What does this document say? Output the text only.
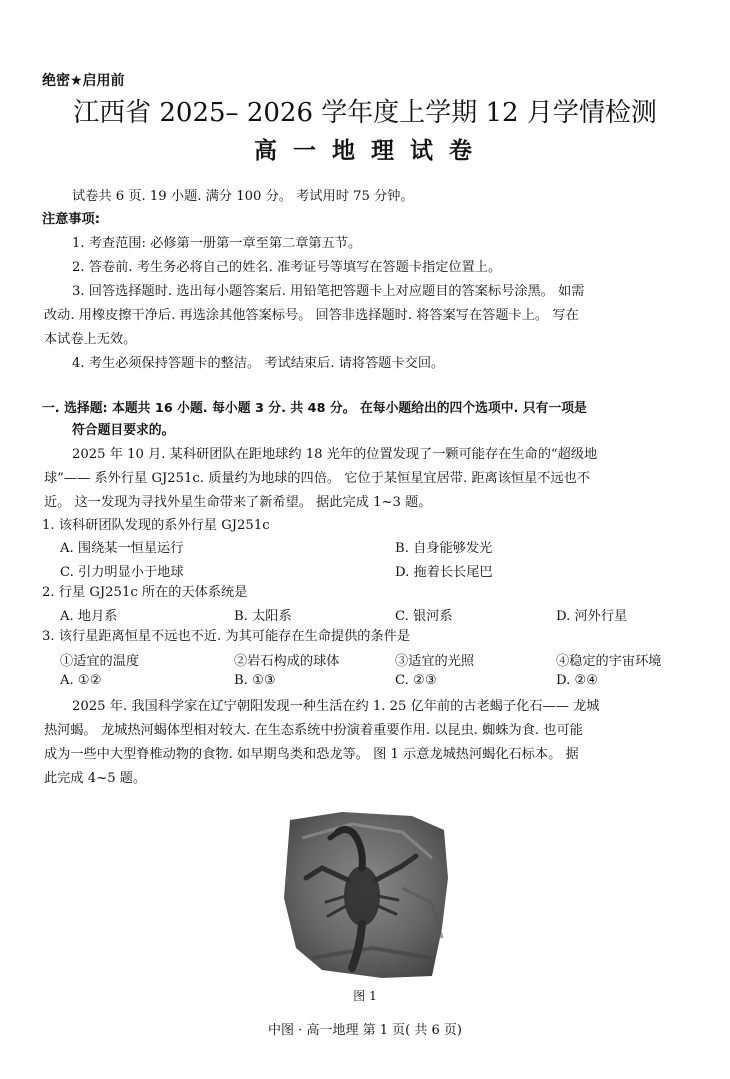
绝密★启用前
江西省 2025– 2026 学年度上学期 12 月学情检测
高 一 地 理 试 卷
试卷共 6 页. 19 小题. 满分 100 分。 考试用时 75 分钟。
注意事项:
1. 考查范围: 必修第一册第一章至第二章第五节。
2. 答卷前. 考生务必将自己的姓名. 准考证号等填写在答题卡指定位置上。
3. 回答选择题时. 选出每小题答案后. 用铅笔把答题卡上对应题目的答案标号涂黑。 如需
改动. 用橡皮擦干净后. 再选涂其他答案标号。 回答非选择题时. 将答案写在答题卡上。 写在
本试卷上无效。
4. 考生必须保持答题卡的整洁。 考试结束后. 请将答题卡交回。
一. 选择题: 本题共 16 小题. 每小题 3 分. 共 48 分。 在每小题给出的四个选项中. 只有一项是
符合题目要求的。
2025 年 10 月. 某科研团队在距地球约 18 光年的位置发现了一颗可能存在生命的“超级地
球”—— 系外行星 GJ251c. 质量约为地球的四倍。 它位于某恒星宜居带. 距离该恒星不远也不
近。 这一发现为寻找外星生命带来了新希望。 据此完成 1~3 题。
1. 该科研团队发现的系外行星 GJ251c
A. 围绕某一恒星运行	B. 自身能够发光
C. 引力明显小于地球	D. 拖着长长尾巴
2. 行星 GJ251c 所在的天体系统是
A. 地月系	B. 太阳系	C. 银河系	D. 河外行星
3. 该行星距离恒星不远也不近. 为其可能存在生命提供的条件是
①适宜的温度	②岩石构成的球体	③适宜的光照	④稳定的宇宙环境
A. ①②	B. ①③	C. ②③	D. ②④
2025 年. 我国科学家在辽宁朝阳发现一种生活在约 1. 25 亿年前的古老蝎子化石—— 龙城
热河蝎。 龙城热河蝎体型相对较大. 在生态系统中扮演着重要作用. 以昆虫. 蜘蛛为食. 也可能
成为一些中大型脊椎动物的食物. 如早期鸟类和恐龙等。 图 1 示意龙城热河蝎化石标本。 据
此完成 4~5 题。
图 1
中图 · 高一地理 第 1 页( 共 6 页)
